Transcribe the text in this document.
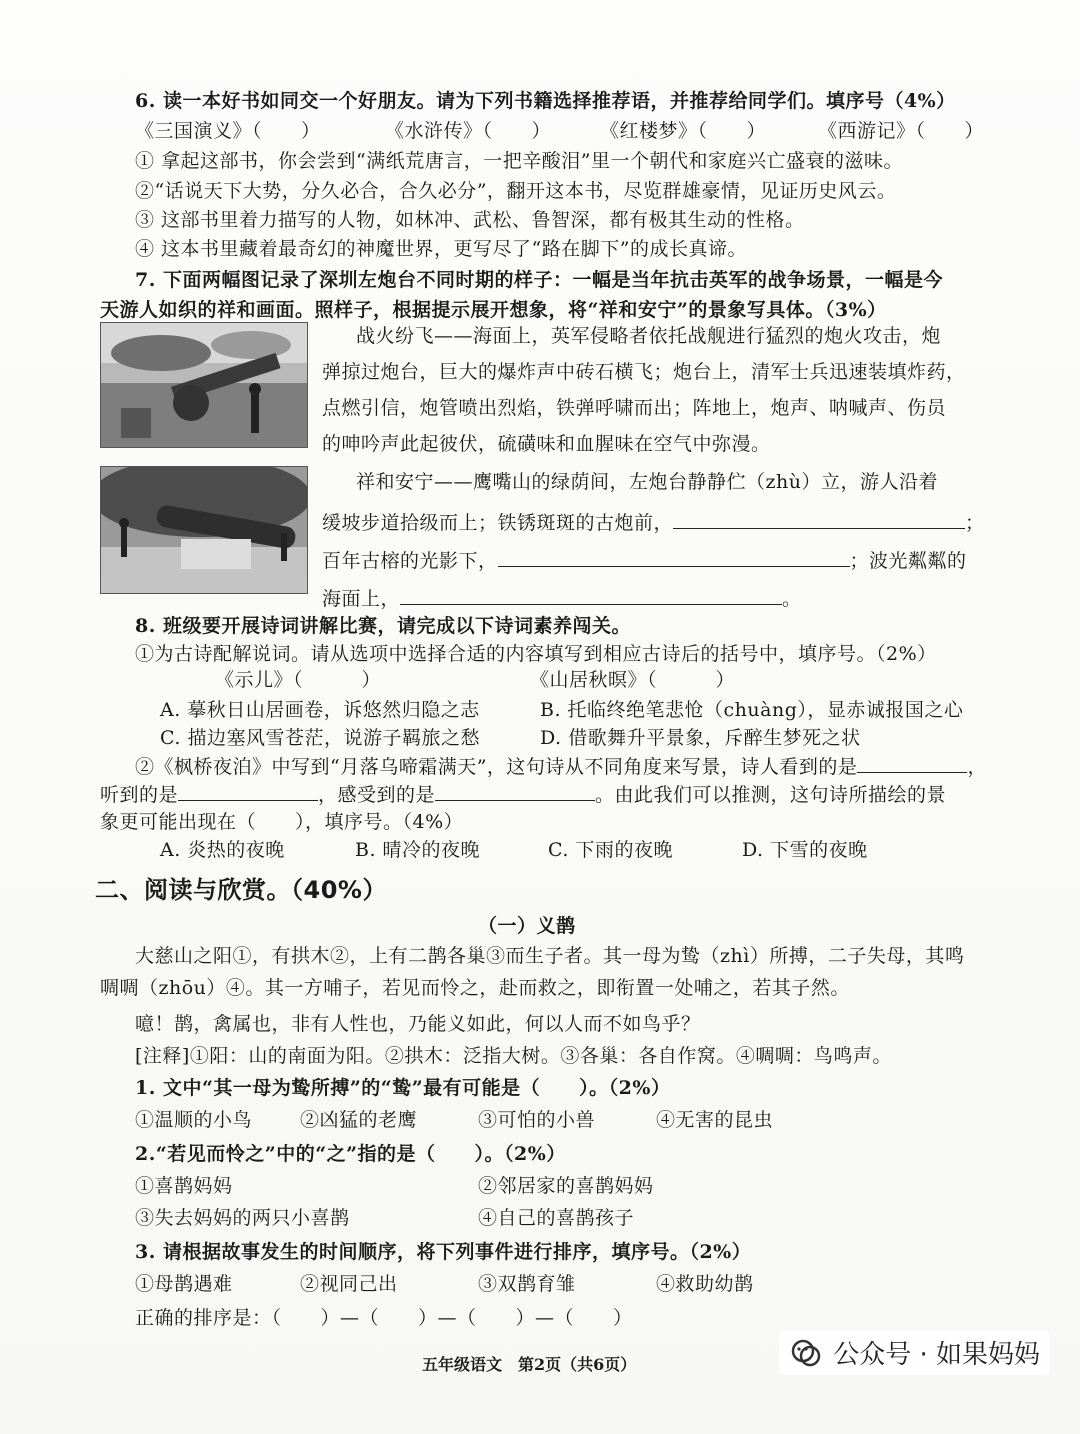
6. 读一本好书如同交一个好朋友。请为下列书籍选择推荐语，并推荐给同学们。填序号（4%）
《三国演义》（　　）	《水浒传》（　　）	《红楼梦》（　　）	《西游记》（　　）
① 拿起这部书，你会尝到“满纸荒唐言，一把辛酸泪”里一个朝代和家庭兴亡盛衰的滋味。
②“话说天下大势，分久必合，合久必分”，翻开这本书，尽览群雄豪情，见证历史风云。
③ 这部书里着力描写的人物，如林冲、武松、鲁智深，都有极其生动的性格。
④ 这本书里藏着最奇幻的神魔世界，更写尽了“路在脚下”的成长真谛。
7. 下面两幅图记录了深圳左炮台不同时期的样子：一幅是当年抗击英军的战争场景，一幅是今
天游人如织的祥和画面。照样子，根据提示展开想象，将“祥和安宁”的景象写具体。（3%）
战火纷飞——海面上，英军侵略者依托战舰进行猛烈的炮火攻击，炮
弹掠过炮台，巨大的爆炸声中砖石横飞；炮台上，清军士兵迅速装填炸药，
点燃引信，炮管喷出烈焰，铁弹呼啸而出；阵地上，炮声、呐喊声、伤员
的呻吟声此起彼伏，硫磺味和血腥味在空气中弥漫。
祥和安宁——鹰嘴山的绿荫间，左炮台静静伫（zhù）立，游人沿着
缓坡步道拾级而上；铁锈斑斑的古炮前，	；
百年古榕的光影下，	；波光粼粼的
海面上，	。
8. 班级要开展诗词讲解比赛，请完成以下诗词素养闯关。
①为古诗配解说词。请从选项中选择合适的内容填写到相应古诗后的括号中，填序号。（2%）
《示儿》（　　　）	《山居秋暝》（　　　）
A. 摹秋日山居画卷，诉悠然归隐之志	B. 托临终绝笔悲怆（chuàng），显赤诚报国之心
C. 描边塞风雪苍茫，说游子羁旅之愁	D. 借歌舞升平景象，斥醉生梦死之状
②《枫桥夜泊》中写到“月落乌啼霜满天”，这句诗从不同角度来写景，诗人看到的是	，
听到的是	，感受到的是	。由此我们可以推测，这句诗所描绘的景
象更可能出现在（　　），填序号。（4%）
A. 炎热的夜晚	B. 晴冷的夜晚	C. 下雨的夜晚	D. 下雪的夜晚
二、阅读与欣赏。（40%）
（一）义鹊
大慈山之阳①，有拱木②，上有二鹊各巢③而生子者。其一母为鸷（zhì）所搏，二子失母，其鸣
啁啁（zhōu）④。其一方哺子，若见而怜之，赴而救之，即衔置一处哺之，若其子然。
噫！鹊，禽属也，非有人性也，乃能义如此，何以人而不如鸟乎？
[注释]①阳：山的南面为阳。②拱木：泛指大树。③各巢：各自作窝。④啁啁：鸟鸣声。
1. 文中“其一母为鸷所搏”的“鸷”最有可能是（　　）。（2%）
①温顺的小鸟	②凶猛的老鹰	③可怕的小兽	④无害的昆虫
2.“若见而怜之”中的“之”指的是（　　）。（2%）
①喜鹊妈妈	②邻居家的喜鹊妈妈
③失去妈妈的两只小喜鹊	④自己的喜鹊孩子
3. 请根据故事发生的时间顺序，将下列事件进行排序，填序号。（2%）
①母鹊遇难	②视同己出	③双鹊育雏	④救助幼鹊
正确的排序是：（　　）—（　　）—（　　）—（　　）
五年级语文　第2页（共6页）	公众号 · 如果妈妈
